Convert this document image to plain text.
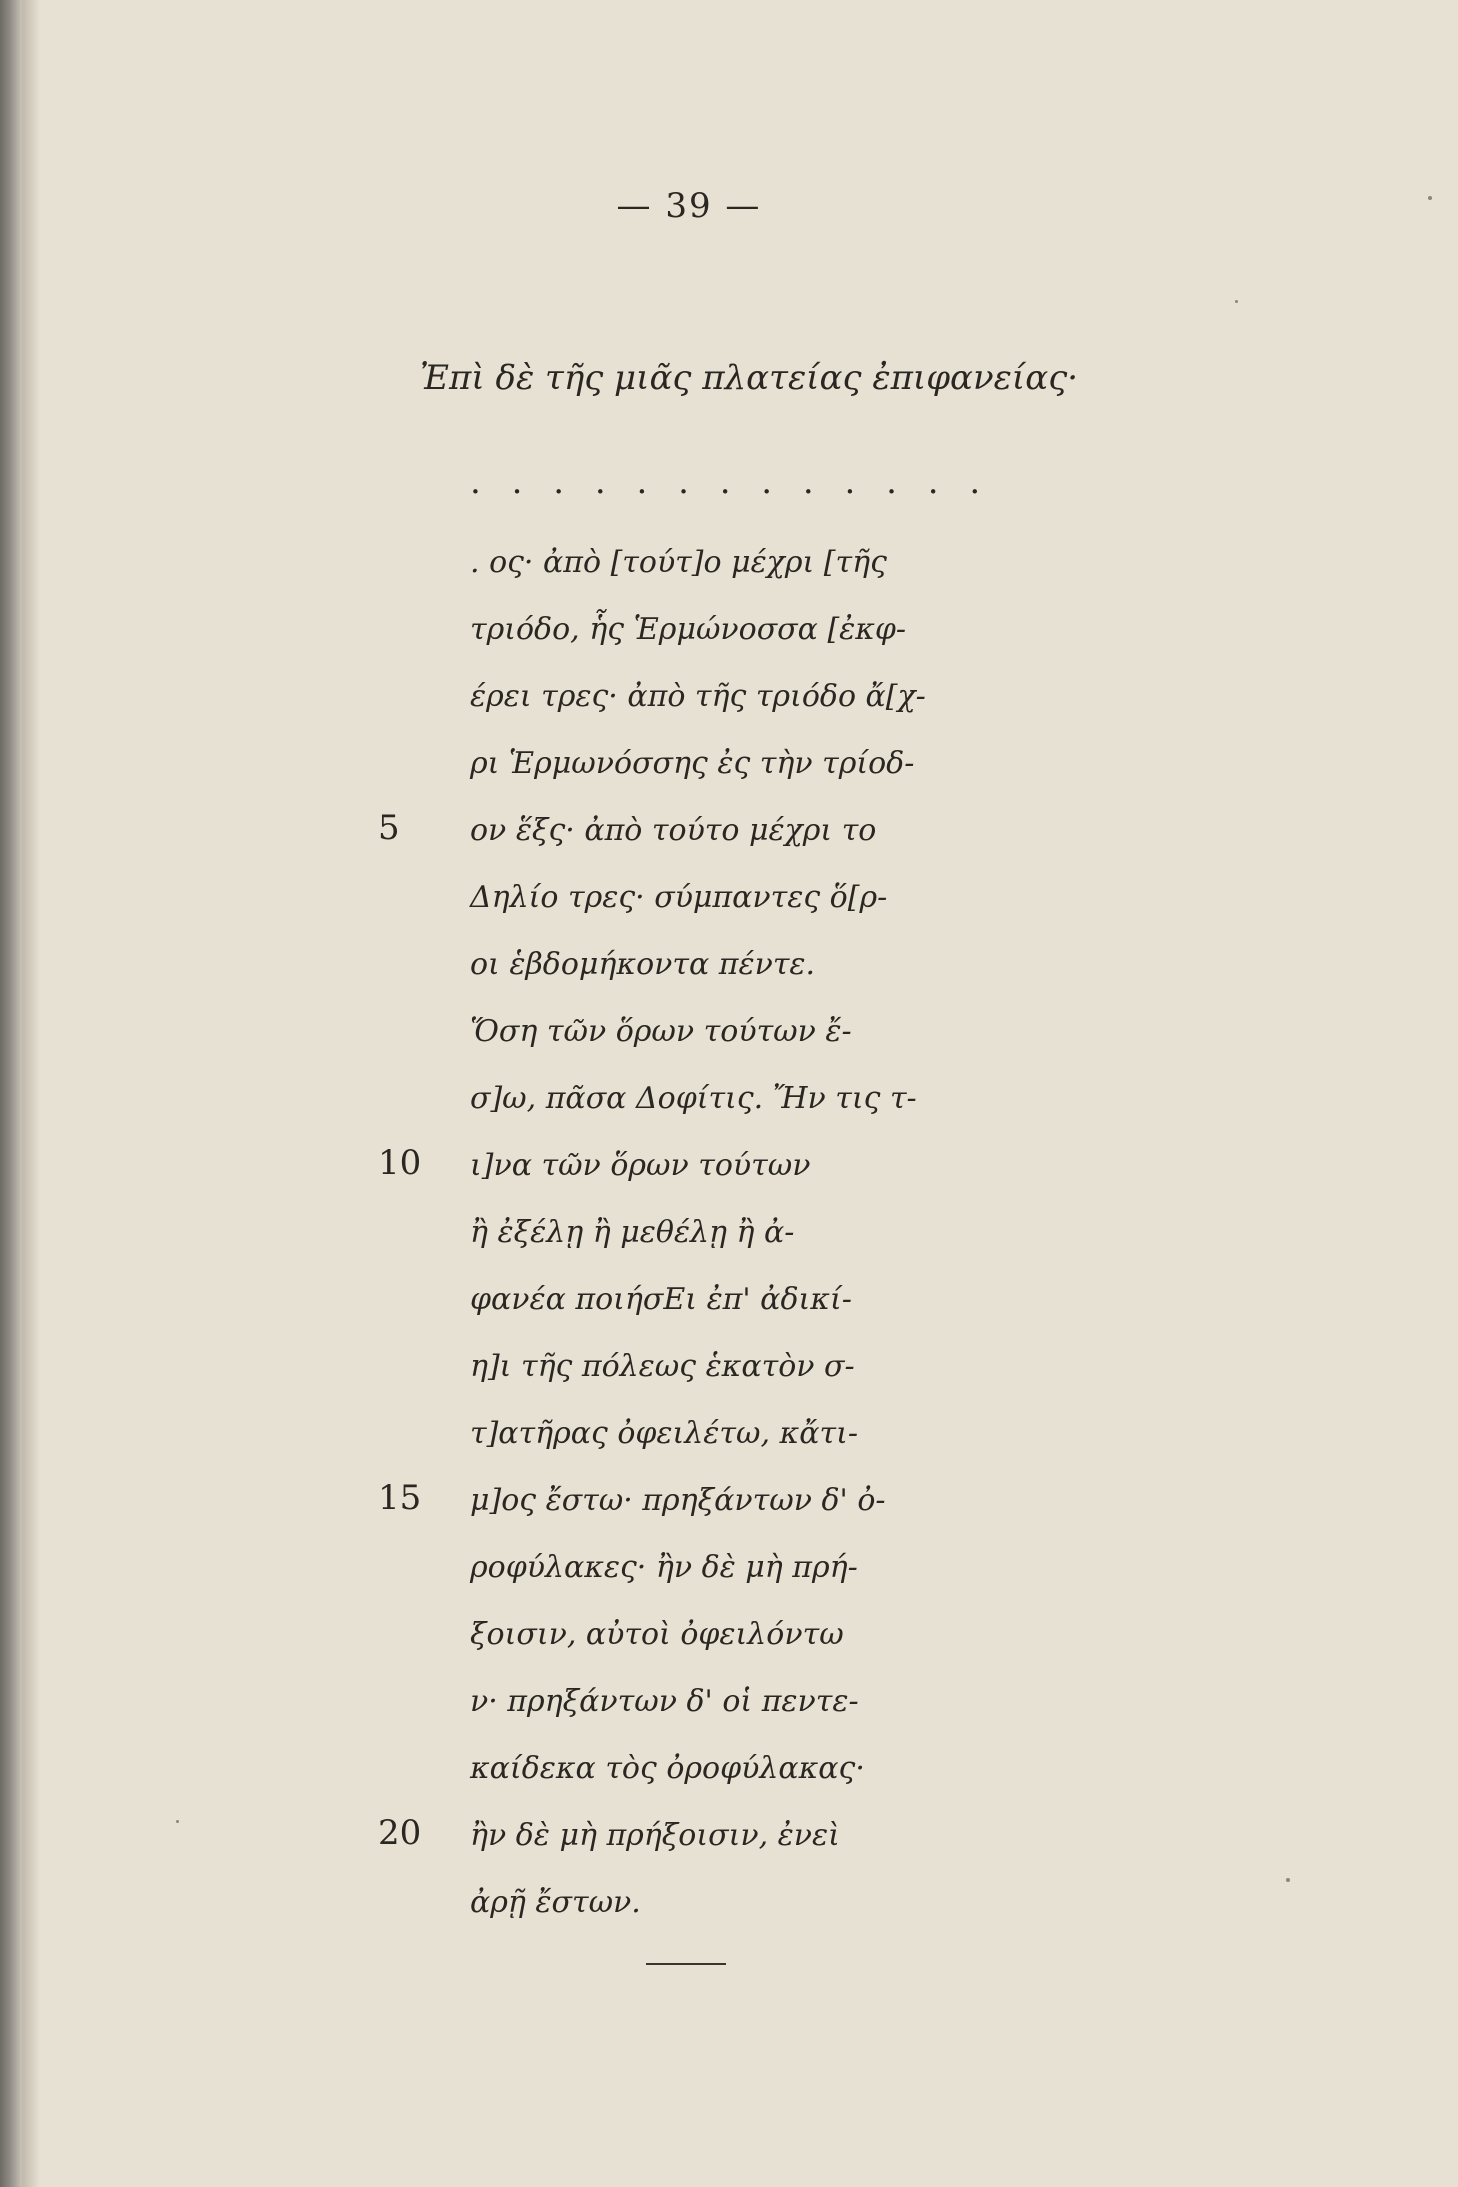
— 39 —
Ἐπὶ δὲ τῆς μιᾶς πλατείας ἐπιφανείας·
. . . . . . . . . . . . .
. ος· ἀπὸ [τούτ]ο μέχρι [τῆς
τριόδο, ἧς Ἑρμώνοσσα [ἐκφ-
έρει τρες· ἀπὸ τῆς τριόδο ἄ[χ-
ρι Ἑρμωνόσσης ἐς τὴν τρίοδ-
5	ον ἕξς· ἀπὸ τούτο μέχρι το
Δηλίο τρες· σύμπαντες ὅ[ρ-
οι ἑβδομήκοντα πέντε.
Ὅση τῶν ὅρων τούτων ἔ-
σ]ω, πᾶσα Δοφίτις. Ἤν τις τ-
10	ι]να τῶν ὅρων τούτων
ἢ ἐξέλῃ ἢ μεθέλῃ ἢ ἀ-
φανέα ποιήσΕι ἐπ' ἀδικί-
η]ι τῆς πόλεως ἑκατὸν σ-
τ]ατῆρας ὀφειλέτω, κἄτι-
15	μ]ος ἔστω· πρηξάντων δ' ὀ-
ροφύλακες· ἢν δὲ μὴ πρή-
ξοισιν, αὐτοὶ ὀφειλόντω
ν· πρηξάντων δ' οἱ πεντε-
καίδεκα τὸς ὀροφύλακας·
20	ἢν δὲ μὴ πρήξοισιν, ἐνεὶ
ἀρῇ ἔστων.
